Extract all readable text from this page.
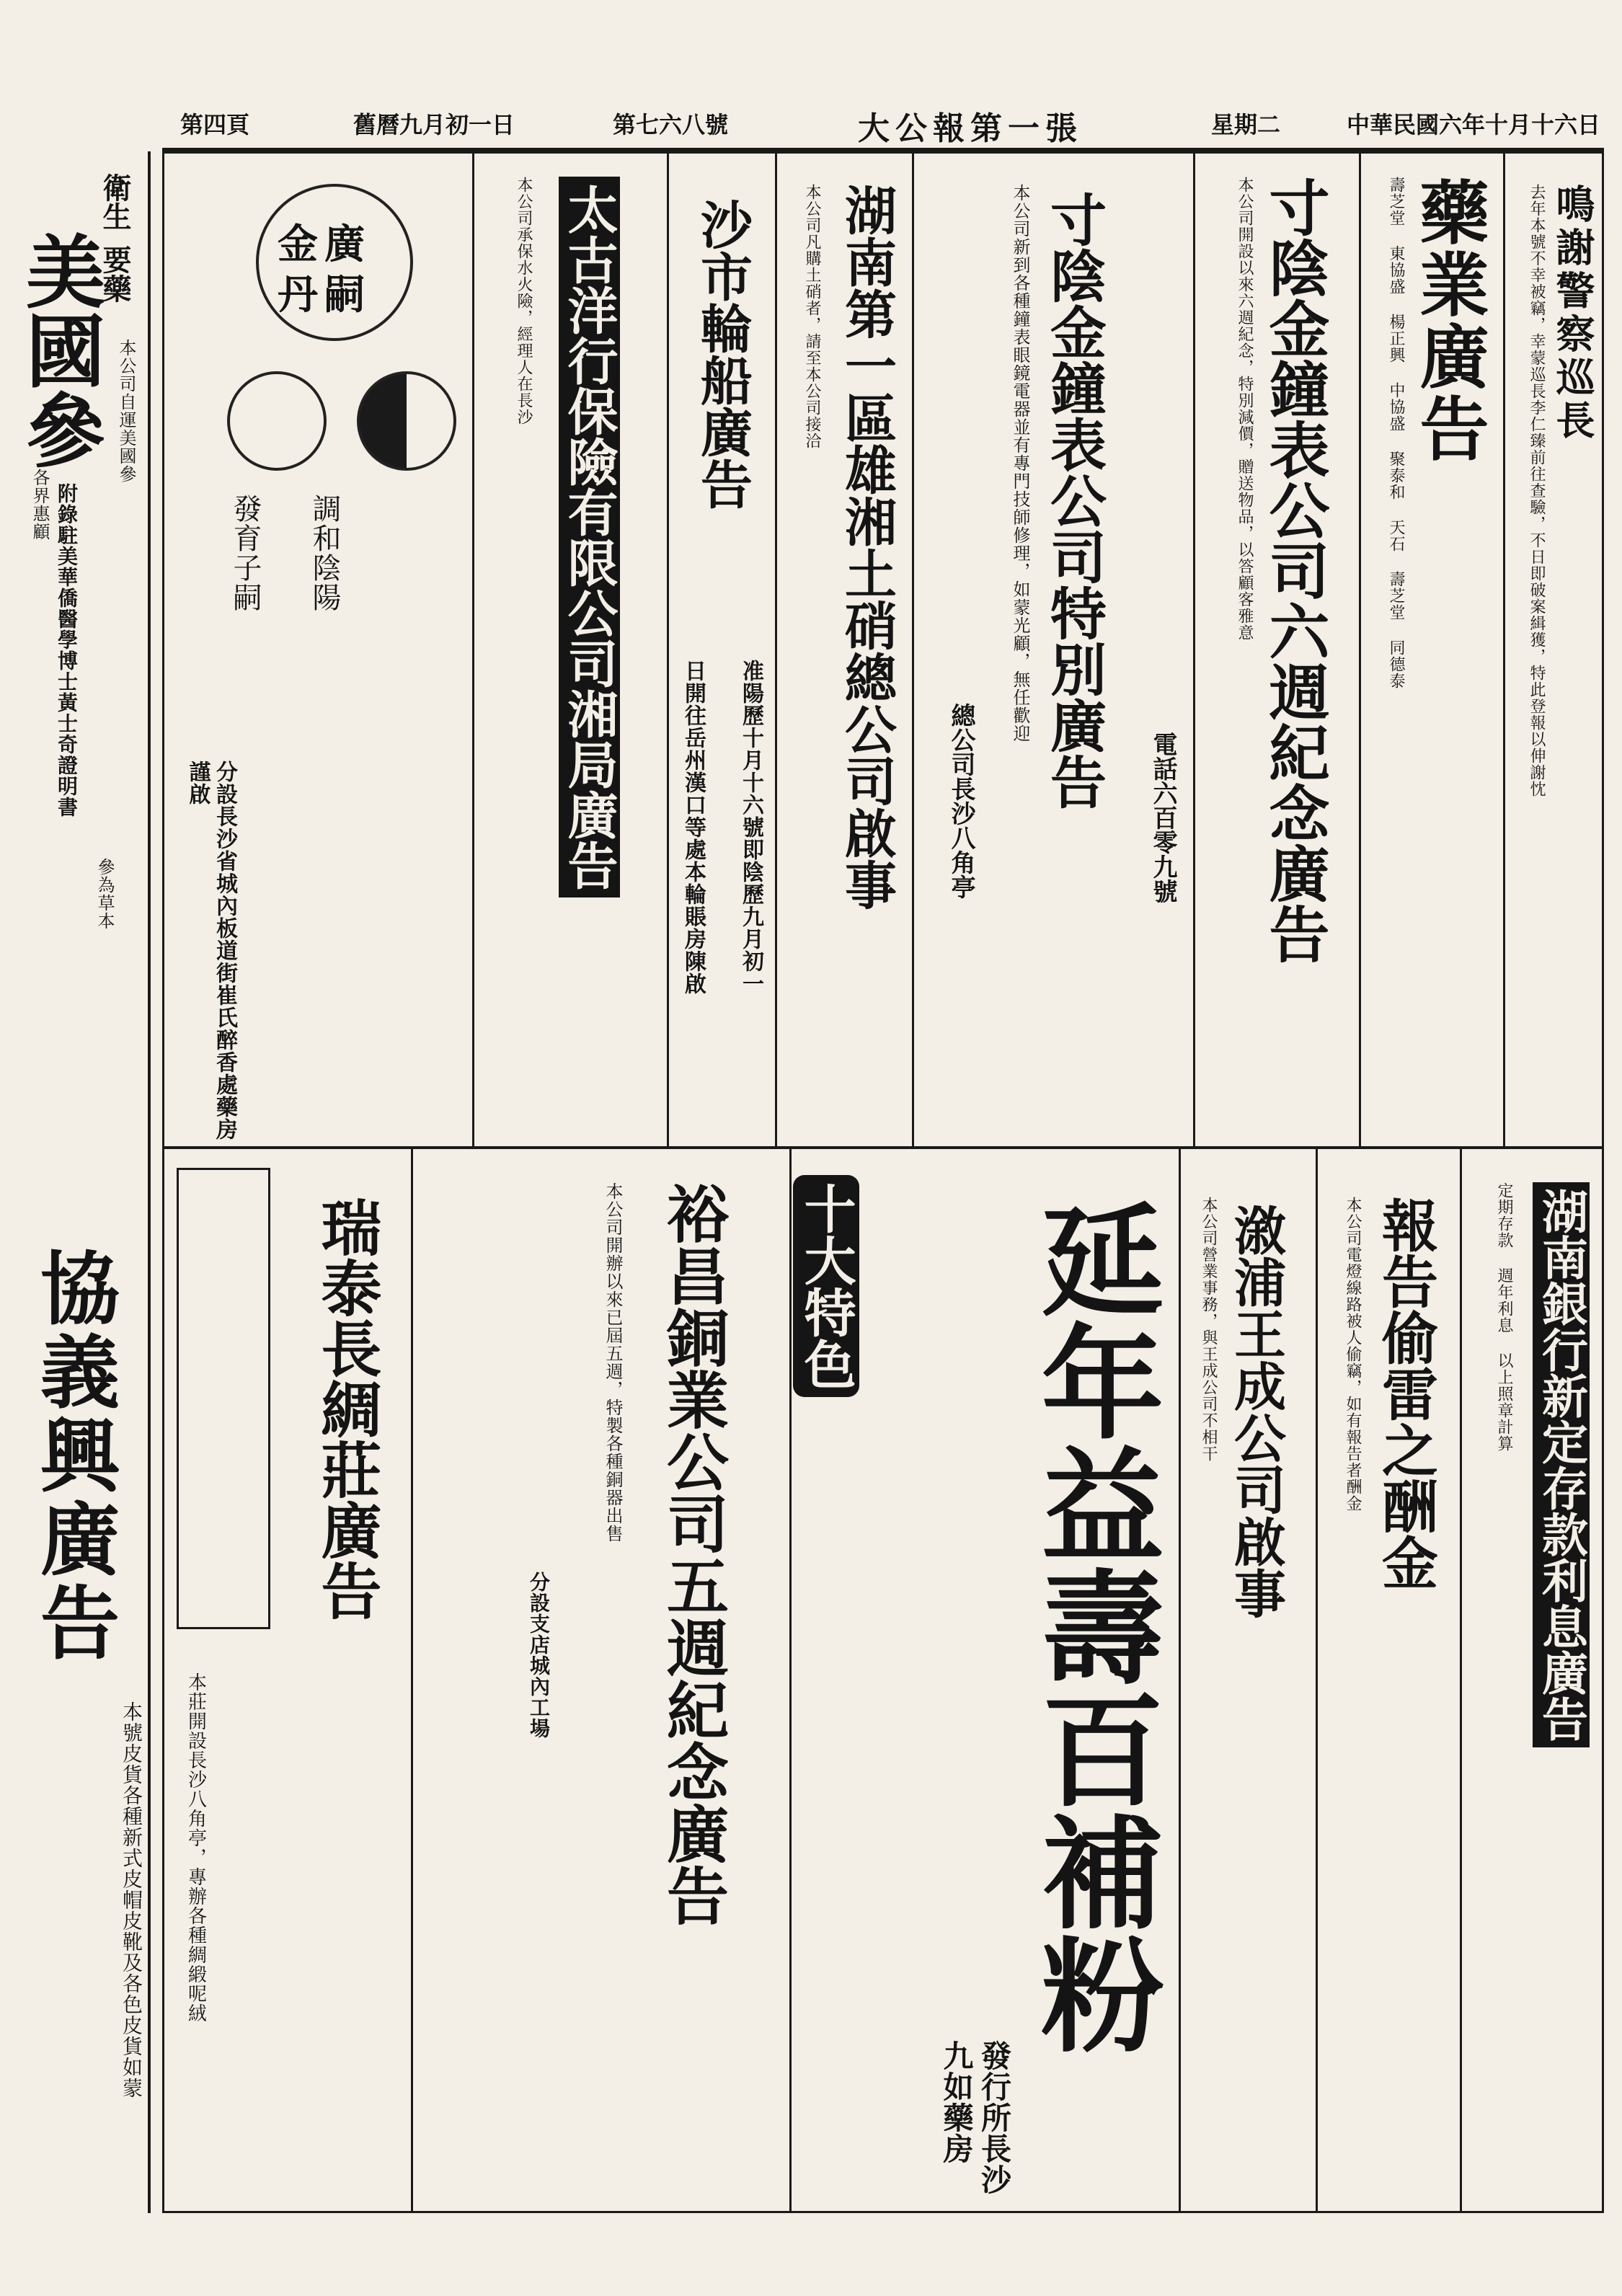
中華民國六年十月十六日
星期二
大公報第一張
第七六八號
舊曆九月初一日
第四頁
衛生
要藥
美國參 本公司自運美國參
各界惠顧 附錄駐美華僑醫學博士黃士奇證明書
參為草本
協義興廣告
本號皮貨各種新式皮帽皮靴及各色皮貨如蒙
鳴謝警察巡長
去年本號不幸被竊，幸蒙巡長李仁臻前往查驗，不日即破案緝獲，特此登報以伸謝忱
藥業廣告
壽芝堂 東協盛 楊正興 中協盛 聚泰和 天石 壽芝堂 同德泰
寸陰金鐘表公司六週紀念廣告
本公司開設以來六週紀念，特別減價，贈送物品，以答顧客雅意
寸陰金鐘表公司特別廣告
本公司新到各種鐘表眼鏡電器並有專門技師修理，如蒙光顧，無任歡迎
總公司長沙八角亭	電話六百零九號
湖南第一區雄湘土硝總公司啟事
本公司凡購土硝者，請至本公司接洽
沙市輪船廣告
准陽歷十月十六號即陰歷九月初一
日開往岳州漢口等處本輪賬房陳啟
太古洋行保險有限公司湘局廣告
本公司承保水火險，經理人在長沙
廣
嗣
金
丹
調和陰陽
發育子嗣
分設長沙省城內板道街崔氏醉香處藥房謹啟
湖南銀行新定存款利息廣告
定期存款 週年利息 以上照章計算
報告偷雷之酬金
本公司電燈線路被人偷竊，如有報告者酬金
漵浦王成公司啟事
本公司營業事務，與王成公司不相干
延年益壽百補粉
十大特色
發行所長沙九如藥房
裕昌銅業公司五週紀念廣告
本公司開辦以來已屆五週，特製各種銅器出售
分設支店城內工場
瑞泰長綢莊廣告
本莊開設長沙八角亭，專辦各種綢緞呢絨
